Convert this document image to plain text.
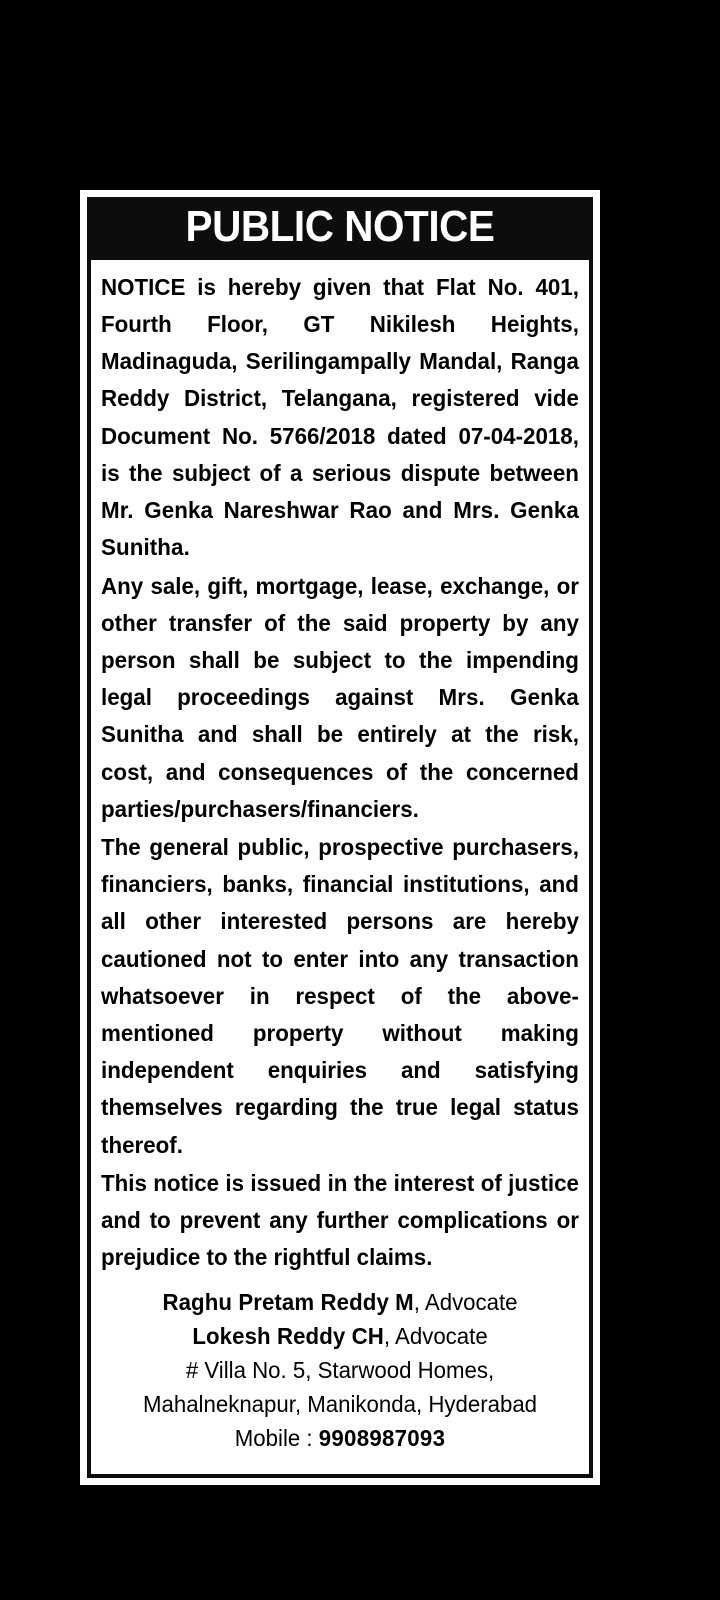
PUBLIC NOTICE

NOTICE is hereby given that Flat No. 401, Fourth Floor, GT Nikilesh Heights, Madinaguda, Serilingampally Mandal, Ranga Reddy District, Telangana, registered vide Document No. 5766/2018 dated 07-04-2018, is the subject of a serious dispute between Mr. Genka Nareshwar Rao and Mrs. Genka Sunitha.

Any sale, gift, mortgage, lease, exchange, or other transfer of the said property by any person shall be subject to the impending legal proceedings against Mrs. Genka Sunitha and shall be entirely at the risk, cost, and consequences of the concerned parties/purchasers/financiers.

The general public, prospective purchasers, financiers, banks, financial institutions, and all other interested persons are hereby cautioned not to enter into any transaction whatsoever in respect of the above-mentioned property without making independent enquiries and satisfying themselves regarding the true legal status thereof.

This notice is issued in the interest of justice and to prevent any further complications or prejudice to the rightful claims.

Raghu Pretam Reddy M, Advocate
Lokesh Reddy CH, Advocate
# Villa No. 5, Starwood Homes,
Mahalneknapur, Manikonda, Hyderabad
Mobile : 9908987093
